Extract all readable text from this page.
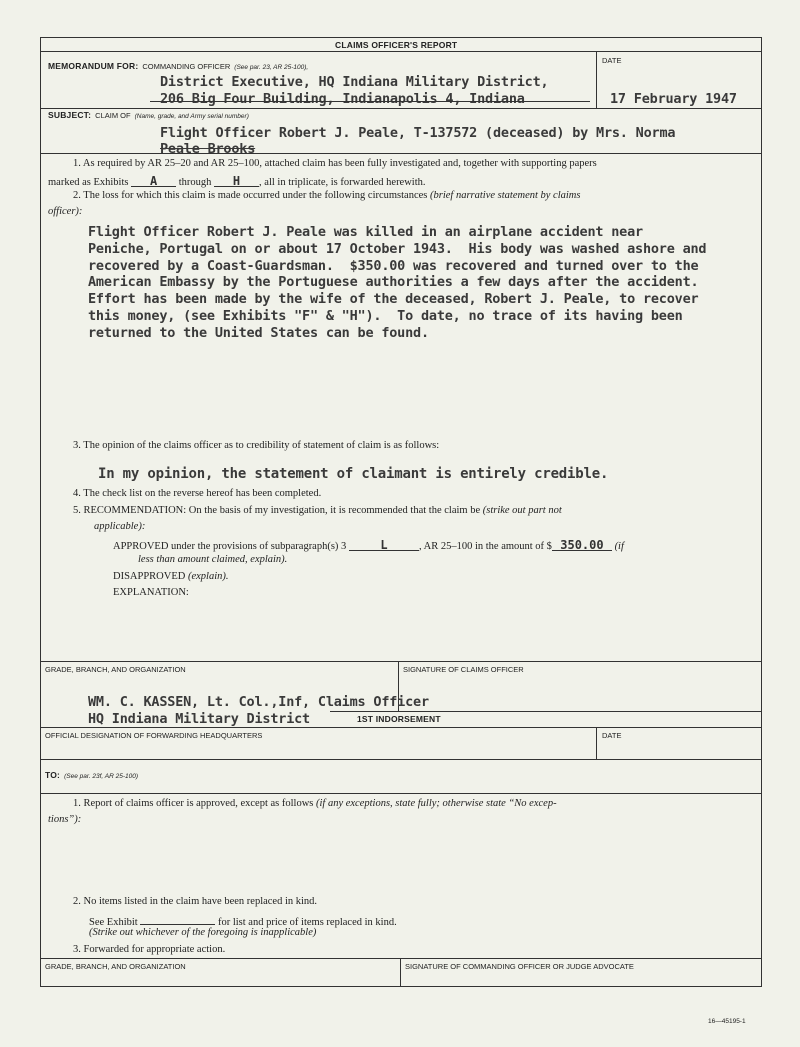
CLAIMS OFFICER'S REPORT
MEMORANDUM FOR: COMMANDING OFFICER (See par. 23, AR 25-100),
DATE
District Executive, HQ Indiana Military District,
206 Big Four Building, Indianapolis 4, Indiana	17 February 1947
SUBJECT: CLAIM OF (Name, grade, and Army serial number)
Flight Officer Robert J. Peale, T-137572 (deceased) by Mrs. Norma
Peale Brooks
1. As required by AR 25–20 and AR 25–100, attached claim has been fully investigated and, together with supporting papers
marked as Exhibits A through H , all in triplicate, is forwarded herewith.
2. The loss for which this claim is made occurred under the following circumstances (brief narrative statement by claims
officer):
Flight Officer Robert J. Peale was killed in an airplane accident near
Peniche, Portugal on or about 17 October 1943.  His body was washed ashore and
recovered by a Coast-Guardsman.  $350.00 was recovered and turned over to the
American Embassy by the Portuguese authorities a few days after the accident.
Effort has been made by the wife of the deceased, Robert J. Peale, to recover
this money, (see Exhibits "F" & "H").  To date, no trace of its having been
returned to the United States can be found.
3. The opinion of the claims officer as to credibility of statement of claim is as follows:
In my opinion, the statement of claimant is entirely credible.
4. The check list on the reverse hereof has been completed.
5. RECOMMENDATION: On the basis of my investigation, it is recommended that the claim be (strike out part not
applicable):
APPROVED under the provisions of subparagraph(s) 3	L	, AR 25–100 in the amount of $ 350.00 (if
less than amount claimed, explain).
DISAPPROVED (explain).
EXPLANATION:
GRADE, BRANCH, AND ORGANIZATION	SIGNATURE OF CLAIMS OFFICER
WM. C. KASSEN, Lt. Col.,Inf, Claims Officer
HQ Indiana Military District	1ST INDORSEMENT
OFFICIAL DESIGNATION OF FORWARDING HEADQUARTERS	DATE
TO: (See par. 23f, AR 25-100)
1. Report of claims officer is approved, except as follows (if any exceptions, state fully; otherwise state “No excep-
tions”):
2. No items listed in the claim have been replaced in kind.
See Exhibit	for list and price of items replaced in kind.
(Strike out whichever of the foregoing is inapplicable)
3. Forwarded for appropriate action.
GRADE, BRANCH, AND ORGANIZATION	SIGNATURE OF COMMANDING OFFICER OR JUDGE ADVOCATE
16—45195-1
